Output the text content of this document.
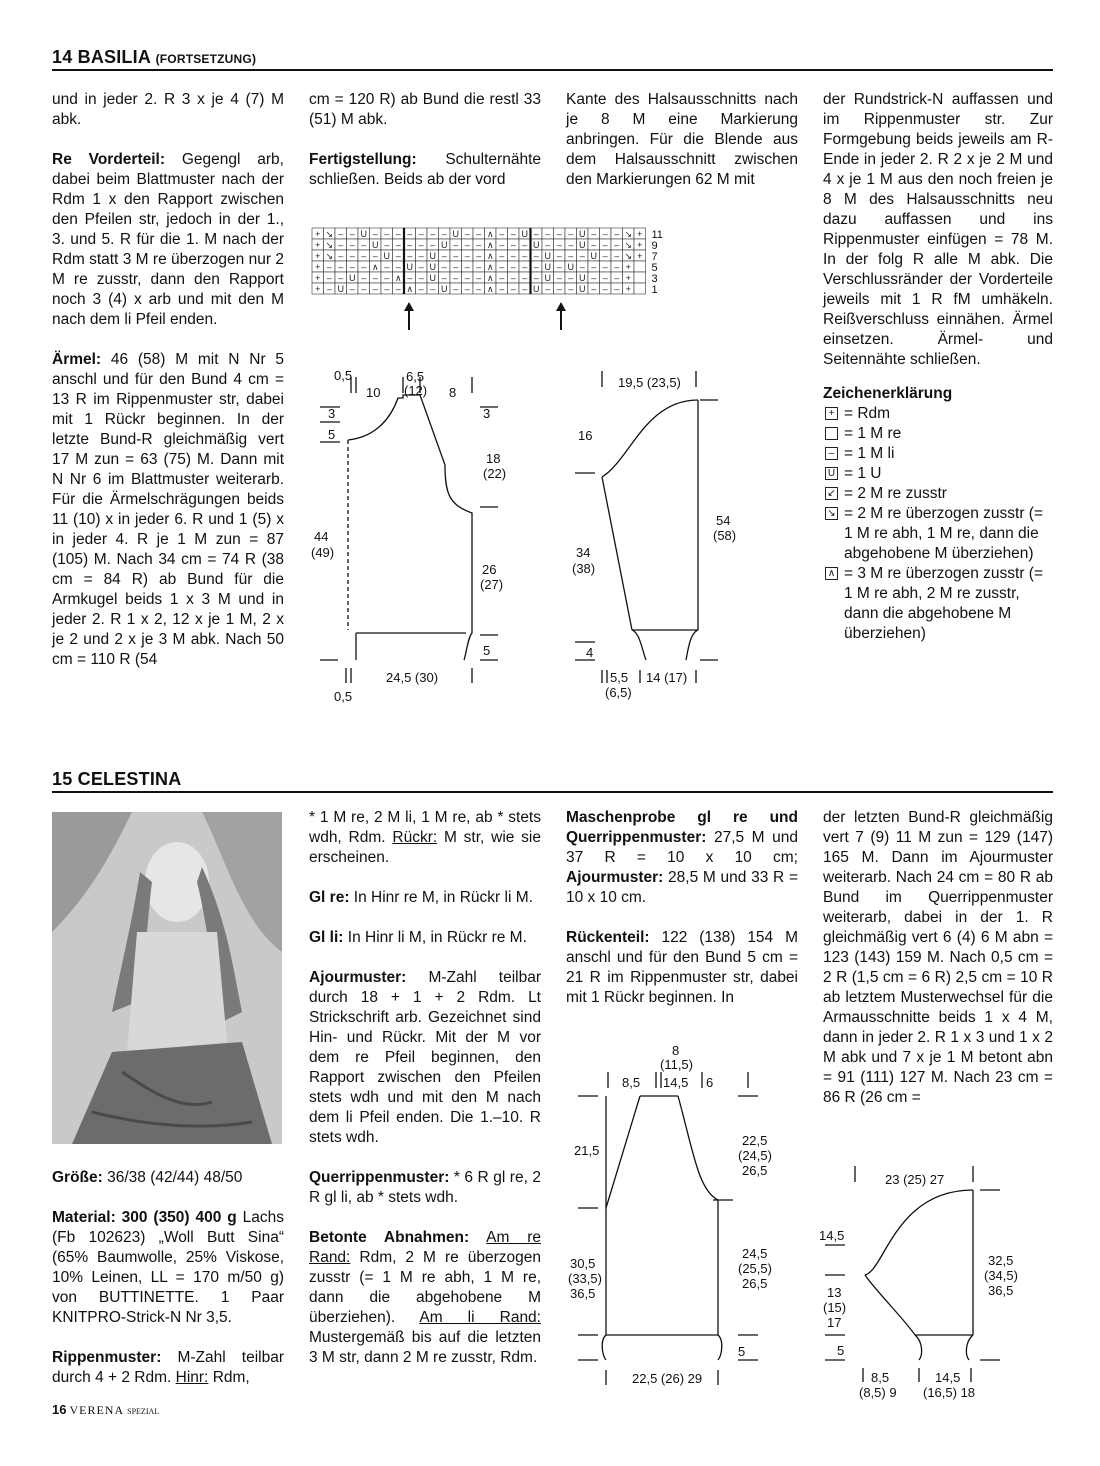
14 BASILIA (FORTSETZUNG)

und in jeder 2. R 3 x je 4 (7) M abk.

Re Vorderteil: Gegengl arb, dabei beim Blattmuster nach der Rdm 1 x den Rapport zwischen den Pfeilen str, jedoch in der 1., 3. und 5. R für die 1. M nach der Rdm statt 3 M re überzogen nur 2 M re zusstr, dann den Rapport noch 3 (4) x arb und mit den M nach dem li Pfeil enden.

Ärmel: 46 (58) M mit N Nr 5 anschl und für den Bund 4 cm = 13 R im Rippenmuster str, dabei mit 1 Rückr beginnen. In der letzte Bund-R gleichmäßig vert 17 M zun = 63 (75) M. Dann mit N Nr 6 im Blattmuster weiterarb. Für die Ärmelschrägungen beids 11 (10) x in jeder 6. R und 1 (5) x in jeder 4. R je 1 M zun = 87 (105) M. Nach 34 cm = 74 R (38 cm = 84 R) ab Bund für die Armkugel beids 1 x 3 M und in jeder 2. R 1 x 2, 12 x je 1 M, 2 x je 2 und 2 x je 3 M abk. Nach 50 cm = 110 R (54

cm = 120 R) ab Bund die restl 33 (51) M abk.

Fertigstellung: Schulternähte schließen. Beids ab der vord

Kante des Halsausschnitts nach je 8 M eine Markierung anbringen. Für die Blende aus dem Halsausschnitt zwischen den Markierungen 62 M mit

der Rundstrick-N auffassen und im Rippenmuster str. Zur Formgebung beids jeweils am R-Ende in jeder 2. R 2 x je 2 M und 4 x je 1 M aus den noch freien je 8 M des Halsausschnitts neu dazu auffassen und ins Rippenmuster einfügen = 78 M. In der folg R alle M abk. Die Verschlussränder der Vorderteile jeweils mit 1 R fM umhäkeln. Reißverschluss einnähen. Ärmel einsetzen. Ärmel- und Seitennähte schließen.

Zeichenerklärung
+ = Rdm
= 1 M re
– = 1 M li
U = 1 U
↙ = 2 M re zusstr
↘ = 2 M re überzogen zusstr (= 1 M re abh, 1 M re, dann die abgehobene M überziehen)
∧ = 3 M re überzogen zusstr (= 1 M re abh, 2 M re zusstr, dann die abgehobene M überziehen)
+ ↘ – – U – – – – – – – U – – ∧ – – U – – – – U – – – ↘ +
+ ↘ – – – U – – – – – U – – – ∧ – – – U – – – U – – – ↘ +
+ ↘ – – – – U – – – U – – – – ∧ – – – – U – – – U – – ↘ +
+ – – – – ∧ – – U – U – – – – ∧ – – – – U – U – – – – +
+ – – U – – – ∧ – – U – – – – ∧ – – – – U – – U – – – +
+ – U – – – – – ∧ – – U – – – ∧ – – – U – – – U – – – +
11
9
7
5
3
1
0,5
10
6,5
(12) 8
3
5
3
18
(22)
44
(49)
26
(27)
5
24,5 (30)
0,5
19,5 (23,5)
16
54
(58)
34
(38)
4
5,5
(6,5)
14 (17)
15 CELESTINA

Größe: 36/38 (42/44) 48/50

Material: 300 (350) 400 g Lachs (Fb 102623) „Woll Butt Sina“ (65% Baumwolle, 25% Viskose, 10% Leinen, LL = 170 m/50 g) von BUTTINETTE. 1 Paar KNITPRO-Strick-N Nr 3,5.

Rippenmuster: M-Zahl teilbar durch 4 + 2 Rdm. Hinr: Rdm,

* 1 M re, 2 M li, 1 M re, ab * stets wdh, Rdm. Rückr: M str, wie sie erscheinen.

Gl re: In Hinr re M, in Rückr li M.

Gl li: In Hinr li M, in Rückr re M.

Ajourmuster: M-Zahl teilbar durch 18 + 1 + 2 Rdm. Lt Strickschrift arb. Gezeichnet sind Hin- und Rückr. Mit der M vor dem re Pfeil beginnen, den Rapport zwischen den Pfeilen stets wdh und mit den M nach dem li Pfeil enden. Die 1.–10. R stets wdh.

Querrippenmuster: * 6 R gl re, 2 R gl li, ab * stets wdh.

Betonte Abnahmen: Am re Rand: Rdm, 2 M re überzogen zusstr (= 1 M re abh, 1 M re, dann die abgehobene M überziehen). Am li Rand: Mustergemäß bis auf die letzten 3 M str, dann 2 M re zusstr, Rdm.

Maschenprobe gl re und Querrippenmuster: 27,5 M und 37 R = 10 x 10 cm; Ajourmuster: 28,5 M und 33 R = 10 x 10 cm.

Rückenteil: 122 (138) 154 M anschl und für den Bund 5 cm = 21 R im Rippenmuster str, dabei mit 1 Rückr beginnen. In

der letzten Bund-R gleichmäßig vert 7 (9) 11 M zun = 129 (147) 165 M. Dann im Ajourmuster weiterarb. Nach 24 cm = 80 R ab Bund im Querrippenmuster weiterarb, dabei in der 1. R gleichmäßig vert 6 (4) 6 M abn = 123 (143) 159 M. Nach 0,5 cm = 2 R (1,5 cm = 6 R) 2,5 cm = 10 R ab letztem Musterwechsel für die Armausschnitte beids 1 x 4 M, dann in jeder 2. R 1 x 3 und 1 x 2 M abk und 7 x je 1 M betont abn = 91 (111) 127 M. Nach 23 cm = 86 R (26 cm =

8
(11,5)
8,5 14,5 6
21,5
22,5
(24,5)
26,5
30,5
(33,5)
36,5
24,5
(25,5)
26,5
5
22,5 (26) 29
23 (25) 27
14,5
32,5
(34,5)
36,5
13
(15)
17
5
8,5
(8,5) 9
14,5
(16,5) 18
16 VERENA SPEZIAL
